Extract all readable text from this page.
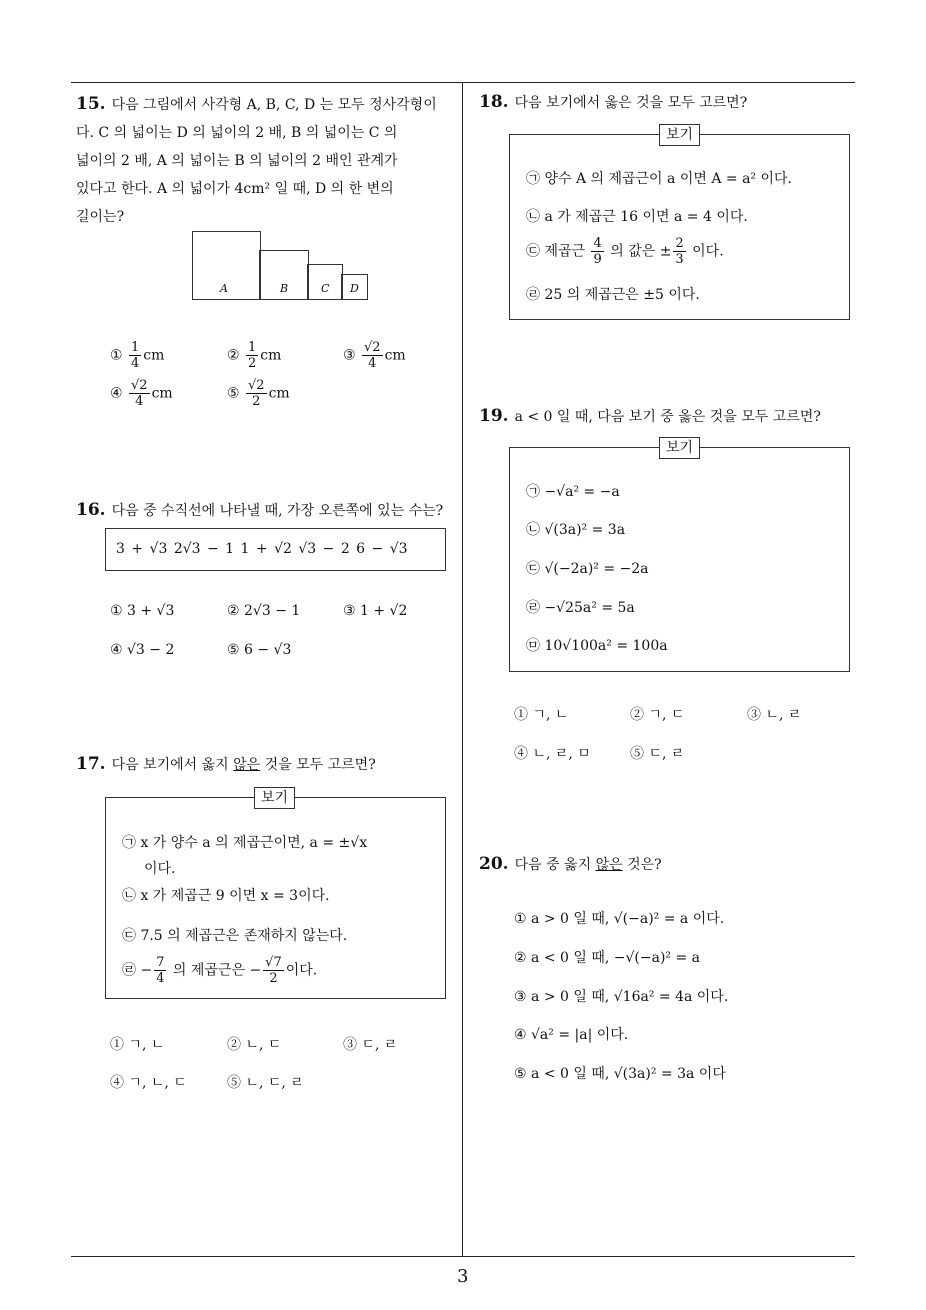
3
15. 다음 그림에서 사각형 A, B, C, D 는 모두 정사각형이
다. C 의 넓이는 D 의 넓이의 2 배, B 의 넓이는 C 의
넓이의 2 배, A 의 넓이는 B 의 넓이의 2 배인 관계가
있다고 한다. A 의 넓이가 4cm² 일 때, D 의 한 변의
길이는?
A	B	C D
① $\frac{1}{4}$ cm	② $\frac{1}{2}$ cm	③ $\frac{√2}{4}$ cm
④ $\frac{√2}{4}$ cm	⑤ $\frac{√2}{2}$ cm
16. 다음 중 수직선에 나타낼 때, 가장 오른쪽에 있는 수는?
3 + √3 2√3 − 1 1 + √2 √3 − 2 6 − √3
① 3 + √3	② 2√3 − 1	③ 1 + √2
④ √3 − 2	⑤ 6 − √3
17. 다음 보기에서 옳지 않은 것을 모두 고르면?
보기
㉠ x 가 양수 a 의 제곱근이면, a = ±√x
이다.
㉡ x 가 제곱근 9 이면 x = 3이다.
㉢ 7.5 의 제곱근은 존재하지 않는다.
㉣ − $\frac{7}{4}$ 의 제곱근은 − $\frac{√7}{2}$ 이다.
① ㄱ, ㄴ	② ㄴ, ㄷ	③ ㄷ, ㄹ
④ ㄱ, ㄴ, ㄷ	⑤ ㄴ, ㄷ, ㄹ
18. 다음 보기에서 옳은 것을 모두 고르면?
보기
㉠ 양수 A 의 제곱근이 a 이면 A = a² 이다.
㉡ a 가 제곱근 16 이면 a = 4 이다.
㉢ 제곱근 $\frac{4}{9}$ 의 값은 ± $\frac{2}{3}$ 이다.
㉣ 25 의 제곱근은 ±5 이다.
19. a < 0 일 때, 다음 보기 중 옳은 것을 모두 고르면?
보기
㉠ −√a² = −a
㉡ √(3a)² = 3a
㉢ √(−2a)² = −2a
㉣ −√25a² = 5a
㉤ 10√100a² = 100a
① ㄱ, ㄴ	② ㄱ, ㄷ	③ ㄴ, ㄹ
④ ㄴ, ㄹ, ㅁ	⑤ ㄷ, ㄹ
20. 다음 중 옳지 않은 것은?
① a > 0 일 때, √(−a)² = a 이다.
② a < 0 일 때, −√(−a)² = a
③ a > 0 일 때, √16a² = 4a 이다.
④ √a² = |a| 이다.
⑤ a < 0 일 때, √(3a)² = 3a 이다
